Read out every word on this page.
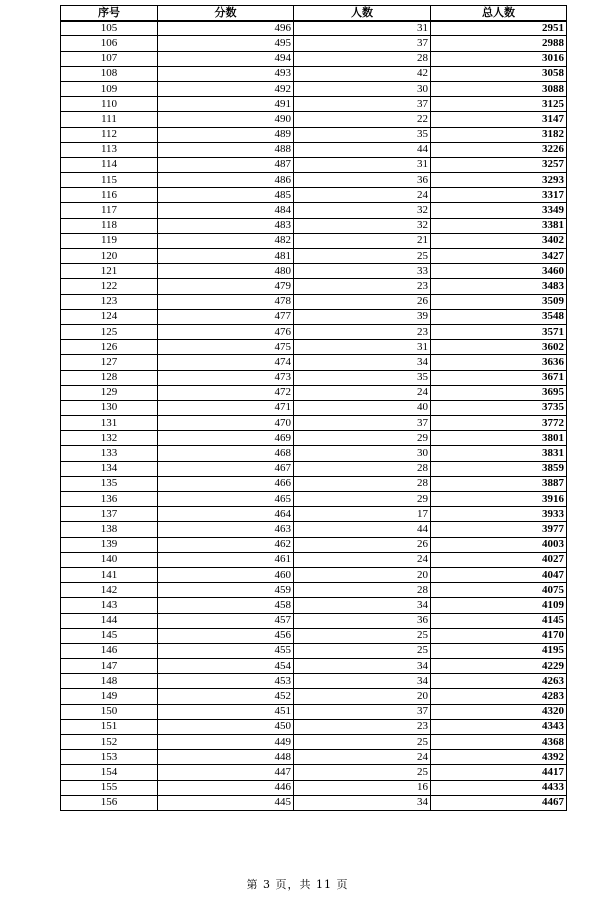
序号	分数	人数	总人数
105	496	31	2951
106	495	37	2988
107	494	28	3016
108	493	42	3058
109	492	30	3088
110	491	37	3125
111	490	22	3147
112	489	35	3182
113	488	44	3226
114	487	31	3257
115	486	36	3293
116	485	24	3317
117	484	32	3349
118	483	32	3381
119	482	21	3402
120	481	25	3427
121	480	33	3460
122	479	23	3483
123	478	26	3509
124	477	39	3548
125	476	23	3571
126	475	31	3602
127	474	34	3636
128	473	35	3671
129	472	24	3695
130	471	40	3735
131	470	37	3772
132	469	29	3801
133	468	30	3831
134	467	28	3859
135	466	28	3887
136	465	29	3916
137	464	17	3933
138	463	44	3977
139	462	26	4003
140	461	24	4027
141	460	20	4047
142	459	28	4075
143	458	34	4109
144	457	36	4145
145	456	25	4170
146	455	25	4195
147	454	34	4229
148	453	34	4263
149	452	20	4283
150	451	37	4320
151	450	23	4343
152	449	25	4368
153	448	24	4392
154	447	25	4417
155	446	16	4433
156	445	34	4467
第 3 页，共 11 页
